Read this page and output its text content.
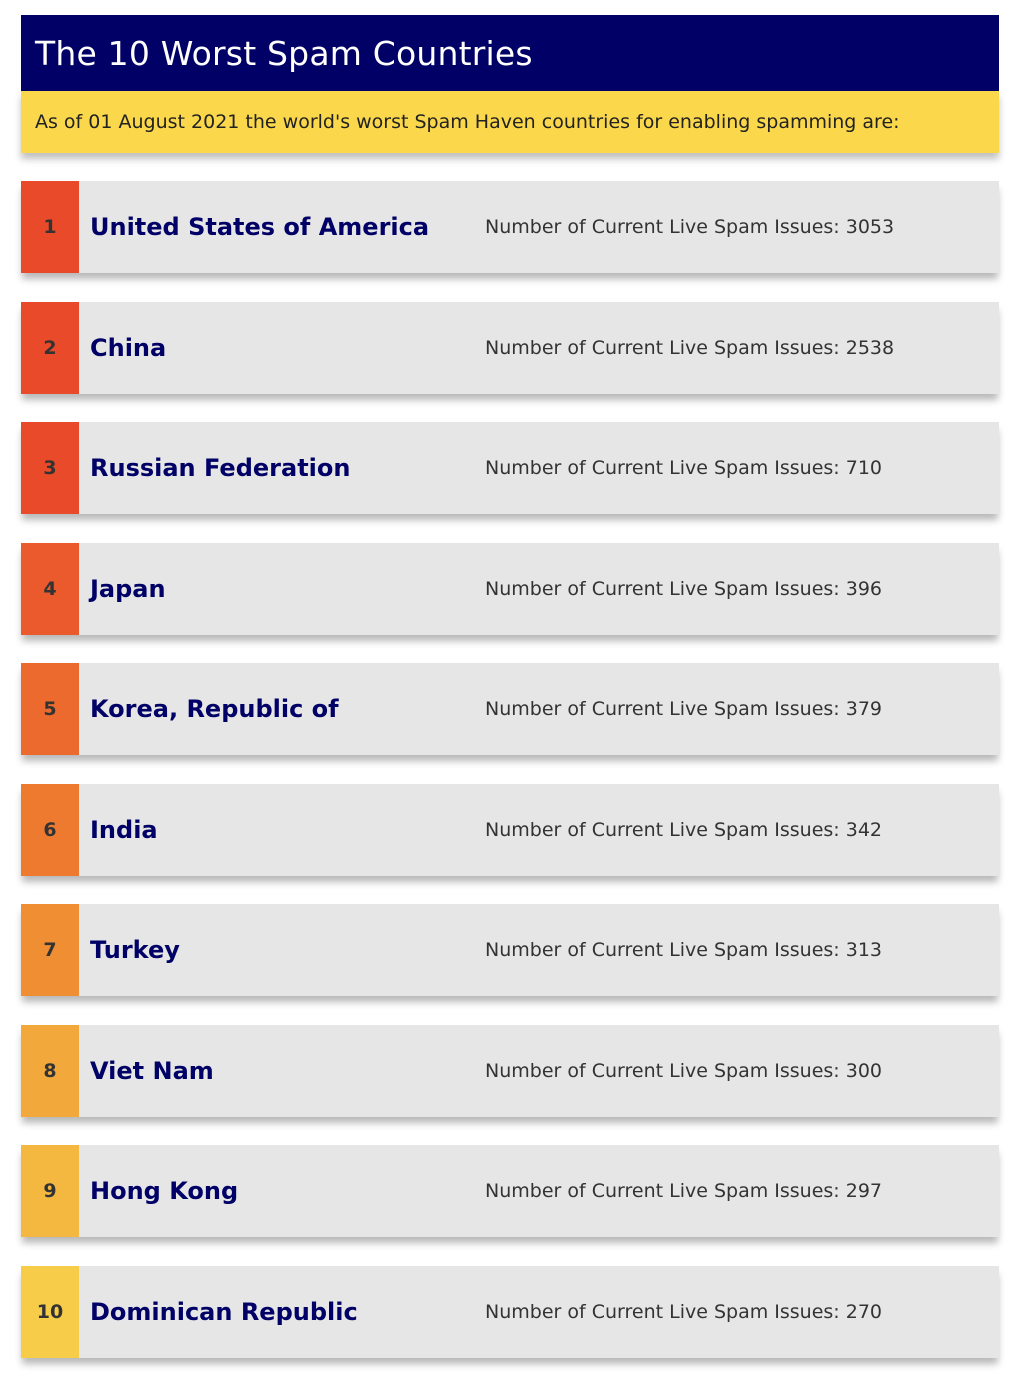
The 10 Worst Spam Countries
As of 01 August 2021 the world's worst Spam Haven countries for enabling spamming are:
1	United States of America	Number of Current Live Spam Issues:
3053
2	China	Number of Current Live Spam Issues:
2538
3	Russian Federation	Number of Current Live Spam Issues:
710
4	Japan	Number of Current Live Spam Issues:
396
5	Korea, Republic of	Number of Current Live Spam Issues:
379
6	India	Number of Current Live Spam Issues:
342
7	Turkey	Number of Current Live Spam Issues:
313
8	Viet Nam	Number of Current Live Spam Issues:
300
9	Hong Kong	Number of Current Live Spam Issues:
297
10	Dominican Republic	Number of Current Live Spam Issues:
270
